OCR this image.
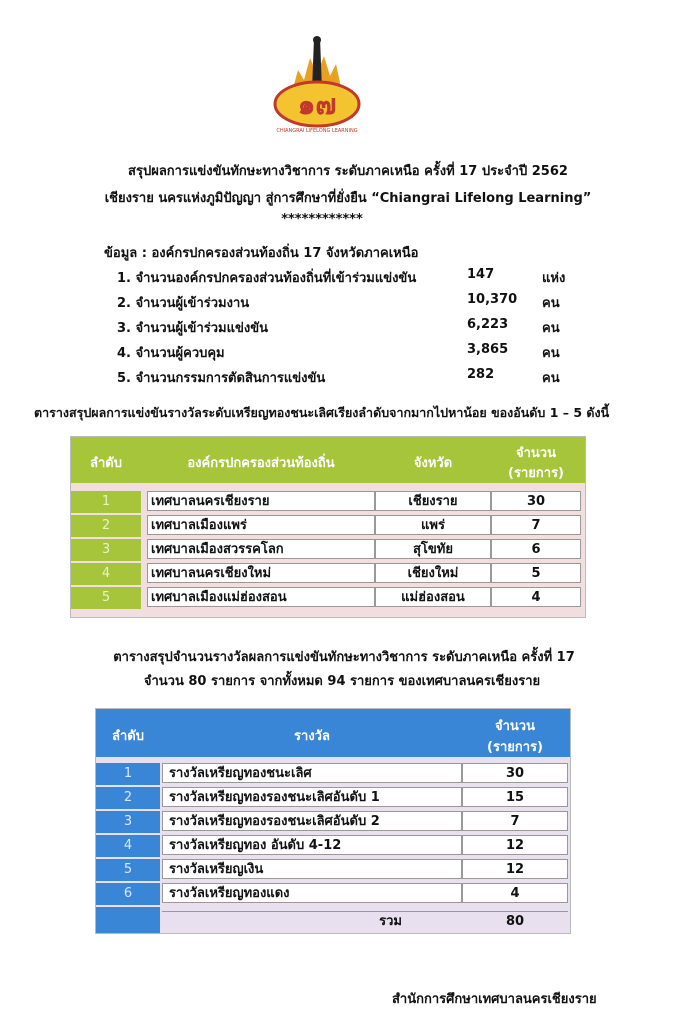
๑๗
CHIANGRAI LIFELONG LEARNING
สรุปผลการแข่งขันทักษะทางวิชาการ ระดับภาคเหนือ ครั้งที่ 17 ประจำปี 2562
เชียงราย นครแห่งภูมิปัญญา สู่การศึกษาที่ยั่งยืน “Chiangrai Lifelong Learning”
************
ข้อมูล : องค์กรปกครองส่วนท้องถิ่น 17 จังหวัดภาคเหนือ
1. จำนวนองค์กรปกครองส่วนท้องถิ่นที่เข้าร่วมแข่งขัน	147	แห่ง
2. จำนวนผู้เข้าร่วมงาน	10,370 คน
3. จำนวนผู้เข้าร่วมแข่งขัน	6,223	คน
4. จำนวนผู้ควบคุม	3,865	คน
5. จำนวนกรรมการตัดสินการแข่งขัน	282	คน
ตารางสรุปผลการแข่งขันรางวัลระดับเหรียญทองชนะเลิศเรียงลำดับจากมากไปหาน้อย ของอันดับ 1 – 5 ดังนี้
ลำดับ	องค์กรปกครองส่วนท้องถิ่น	จังหวัด
จำนวน
(รายการ)
1	เทศบาลนครเชียงราย	เชียงราย	30
2	เทศบาลเมืองแพร่	แพร่	7
3	เทศบาลเมืองสวรรคโลก	สุโขทัย	6
4	เทศบาลนครเชียงใหม่	เชียงใหม่	5
5	เทศบาลเมืองแม่ฮ่องสอน	แม่ฮ่องสอน	4
ตารางสรุปจำนวนรางวัลผลการแข่งขันทักษะทางวิชาการ ระดับภาคเหนือ ครั้งที่ 17
จำนวน 80 รายการ จากทั้งหมด 94 รายการ ของเทศบาลนครเชียงราย
ลำดับ	รางวัล
จำนวน
(รายการ)
1	รางวัลเหรียญทองชนะเลิศ	30
2	รางวัลเหรียญทองรองชนะเลิศอันดับ 1	15
3	รางวัลเหรียญทองรองชนะเลิศอันดับ 2	7
4	รางวัลเหรียญทอง อันดับ 4-12	12
5	รางวัลเหรียญเงิน	12
6	รางวัลเหรียญทองแดง	4
รวม	80
สำนักการศึกษาเทศบาลนครเชียงราย
